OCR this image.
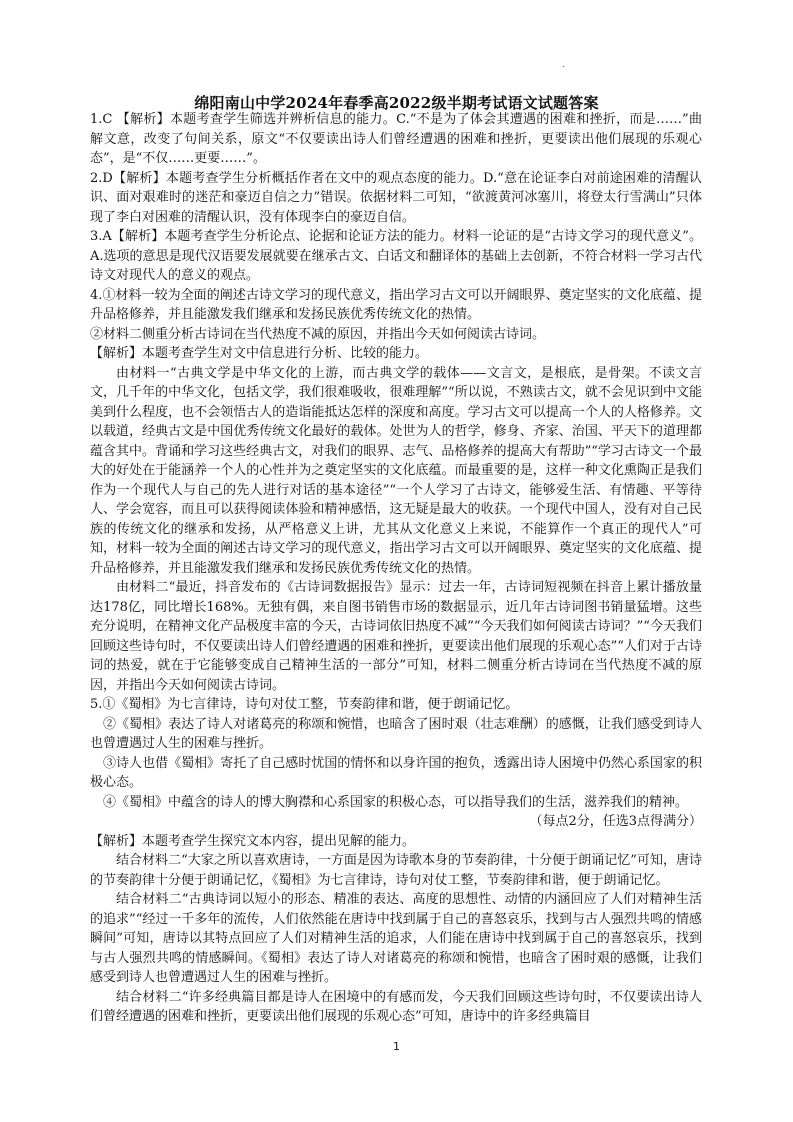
.
绵阳南山中学2024年春季高2022级半期考试语文试题答案

1.C 【解析】本题考查学生筛选并辨析信息的能力。C.“不是为了体会其遭遇的困难和挫折，而是……”曲解文意，改变了句间关系，原文“不仅要读出诗人们曾经遭遇的困难和挫折，更要读出他们展现的乐观心态”，是“不仅……更要……”。

2.D【解析】本题考查学生分析概括作者在文中的观点态度的能力。D.“意在论证李白对前途困难的清醒认识、面对艰难时的迷茫和豪迈自信之力”错误。依据材料二可知，“欲渡黄河冰塞川，将登太行雪满山”只体现了李白对困难的清醒认识，没有体现李白的豪迈自信。

3.A【解析】本题考查学生分析论点、论据和论证方法的能力。材料一论证的是“古诗文学习的现代意义”。A.选项的意思是现代汉语要发展就要在继承古文、白话文和翻译体的基础上去创新，不符合材料一学习古代诗文对现代人的意义的观点。

4.①材料一较为全面的阐述古诗文学习的现代意义，指出学习古文可以开阔眼界、奠定坚实的文化底蕴、提升品格修养，并且能激发我们继承和发扬民族优秀传统文化的热情。

②材料二侧重分析古诗词在当代热度不减的原因，并指出今天如何阅读古诗词。

【解析】本题考查学生对文中信息进行分析、比较的能力。

由材料一“古典文学是中华文化的上游，而古典文学的载体——文言文，是根底，是骨架。不读文言文，几千年的中华文化，包括文学，我们很难吸收，很难理解”“所以说，不熟读古文，就不会见识到中文能美到什么程度，也不会领悟古人的造诣能抵达怎样的深度和高度。学习古文可以提高一个人的人格修养。文以载道，经典古文是中国优秀传统文化最好的载体。处世为人的哲学，修身、齐家、治国、平天下的道理都蕴含其中。背诵和学习这些经典古文，对我们的眼界、志气、品格修养的提高大有帮助”“学习古诗文一个最大的好处在于能涵养一个人的心性并为之奠定坚实的文化底蕴。而最重要的是，这样一种文化熏陶正是我们作为一个现代人与自己的先人进行对话的基本途径”“一个人学习了古诗文，能够爱生活、有情趣、平等待人、学会宽容，而且可以获得阅读体验和精神感悟，这无疑是最大的收获。一个现代中国人，没有对自己民族的传统文化的继承和发扬，从严格意义上讲，尤其从文化意义上来说，不能算作一个真正的现代人”可知，材料一较为全面的阐述古诗文学习的现代意义，指出学习古文可以开阔眼界、奠定坚实的文化底蕴、提升品格修养，并且能激发我们继承和发扬民族优秀传统文化的热情。

由材料二“最近，抖音发布的《古诗词数据报告》显示：过去一年，古诗词短视频在抖音上累计播放量达178亿，同比增长168%。无独有偶，来自图书销售市场的数据显示，近几年古诗词图书销量猛增。这些充分说明，在精神文化产品极度丰富的今天，古诗词依旧热度不减”“今天我们如何阅读古诗词？”“今天我们回顾这些诗句时，不仅要读出诗人们曾经遭遇的困难和挫折，更要读出他们展现的乐观心态”“人们对于古诗词的热爱，就在于它能够变成自己精神生活的一部分”可知，材料二侧重分析古诗词在当代热度不减的原因，并指出今天如何阅读古诗词。

5.①《蜀相》为七言律诗，诗句对仗工整，节奏韵律和谐，便于朗诵记忆。

②《蜀相》表达了诗人对诸葛亮的称颂和惋惜，也暗含了困时艰（壮志难酬）的感慨，让我们感受到诗人也曾遭遇过人生的困难与挫折。

③诗人也借《蜀相》寄托了自己感时忧国的情怀和以身许国的抱负，透露出诗人困境中仍然心系国家的积极心态。

④《蜀相》中蕴含的诗人的博大胸襟和心系国家的积极心态，可以指导我们的生活，滋养我们的精神。

（每点2分，任选3点得满分）

【解析】本题考查学生探究文本内容，提出见解的能力。

结合材料二“大家之所以喜欢唐诗，一方面是因为诗歌本身的节奏韵律，十分便于朗诵记忆”可知，唐诗的节奏韵律十分便于朗诵记忆，《蜀相》为七言律诗，诗句对仗工整，节奏韵律和谐，便于朗诵记忆。

结合材料二“古典诗词以短小的形态、精准的表达、高度的思想性、动情的内涵回应了人们对精神生活的追求”“经过一千多年的流传，人们依然能在唐诗中找到属于自己的喜怒哀乐，找到与古人强烈共鸣的情感瞬间”可知，唐诗以其特点回应了人们对精神生活的追求，人们能在唐诗中找到属于自己的喜怒哀乐，找到与古人强烈共鸣的情感瞬间。《蜀相》表达了诗人对诸葛亮的称颂和惋惜，也暗含了困时艰的感慨，让我们感受到诗人也曾遭遇过人生的困难与挫折。

结合材料二“许多经典篇目都是诗人在困境中的有感而发，今天我们回顾这些诗句时，不仅要读出诗人们曾经遭遇的困难和挫折，更要读出他们展现的乐观心态”可知，唐诗中的许多经典篇目

1
